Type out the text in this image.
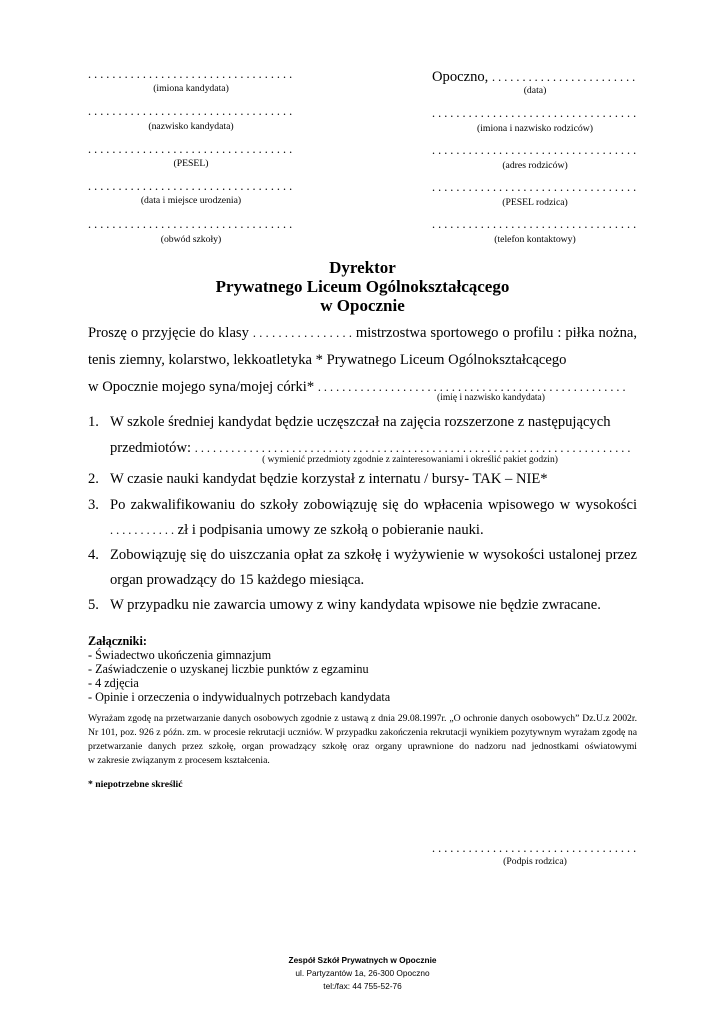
. . . . . . . . . . . . . . . . . . . . . . . . . . . . . . . . . .
(imiona kandydata)
. . . . . . . . . . . . . . . . . . . . . . . . . . . . . . . . . .
(nazwisko kandydata)
. . . . . . . . . . . . . . . . . . . . . . . . . . . . . . . . . .
(PESEL)
. . . . . . . . . . . . . . . . . . . . . . . . . . . . . . . . . .
(data i miejsce urodzenia)
. . . . . . . . . . . . . . . . . . . . . . . . . . . . . . . . . .
(obwód szkoły)
Opoczno, . . . . . . . . . . . . . . . . . . . . . . . .
(data)
. . . . . . . . . . . . . . . . . . . . . . . . . . . . . . . . . .
(imiona i nazwisko rodziców)
. . . . . . . . . . . . . . . . . . . . . . . . . . . . . . . . . .
(adres rodziców)
. . . . . . . . . . . . . . . . . . . . . . . . . . . . . . . . . .
(PESEL rodzica)
. . . . . . . . . . . . . . . . . . . . . . . . . . . . . . . . . .
(telefon kontaktowy)
Dyrektor
Prywatnego Liceum Ogólnokształcącego
w Opocznie
Proszę o przyjęcie do klasy . . . . . . . . . . . . . . . . mistrzostwa sportowego o profilu : piłka nożna,
tenis ziemny, kolarstwo, lekkoatletyka * Prywatnego Liceum Ogólnokształcącego
w Opocznie mojego syna/mojej córki* . . . . . . . . . . . . . . . . . . . . . . . . . . . . . . . . . . . . . . . . . . . . . . . . . . .
(imię i nazwisko kandydata)
1. W szkole średniej kandydat będzie uczęszczał na zajęcia rozszerzone z następujących
przedmiotów: . . . . . . . . . . . . . . . . . . . . . . . . . . . . . . . . . . . . . . . . . . . . . . . . . . . . . . . . . . . . . . . . . . . . . . . .
( wymienić przedmioty zgodnie z zainteresowaniami i określić pakiet godzin)
2. W czasie nauki kandydat będzie korzystał z internatu / bursy- TAK – NIE*
3. Po zakwalifikowaniu do szkoły zobowiązuję się do wpłacenia wpisowego w wysokości
. . . . . . . . . . . zł i podpisania umowy ze szkołą o pobieranie nauki.
4. Zobowiązuję się do uiszczania opłat za szkołę i wyżywienie w wysokości ustalonej przez
organ prowadzący do 15 każdego miesiąca.
5. W przypadku nie zawarcia umowy z winy kandydata wpisowe nie będzie zwracane.
Załączniki:
- Świadectwo ukończenia gimnazjum
- Zaświadczenie o uzyskanej liczbie punktów z egzaminu
- 4 zdjęcia
- Opinie i orzeczenia o indywidualnych potrzebach kandydata
Wyrażam zgodę na przetwarzanie danych osobowych zgodnie z ustawą z dnia 29.08.1997r. „O ochronie danych osobowych” Dz.U.z 2002r.
Nr 101, poz. 926 z późn. zm. w procesie rekrutacji uczniów. W przypadku zakończenia rekrutacji wynikiem pozytywnym wyrażam zgodę na
przetwarzanie danych przez szkołę, organ prowadzący szkołę oraz organy uprawnione do nadzoru nad jednostkami oświatowymi
w zakresie związanym z procesem kształcenia.
* niepotrzebne skreślić
. . . . . . . . . . . . . . . . . . . . . . . . . . . . . . . . . .
(Podpis rodzica)
Zespół Szkół Prywatnych w Opocznie
ul. Partyzantów 1a, 26-300 Opoczno
tel:/fax: 44 755-52-76
